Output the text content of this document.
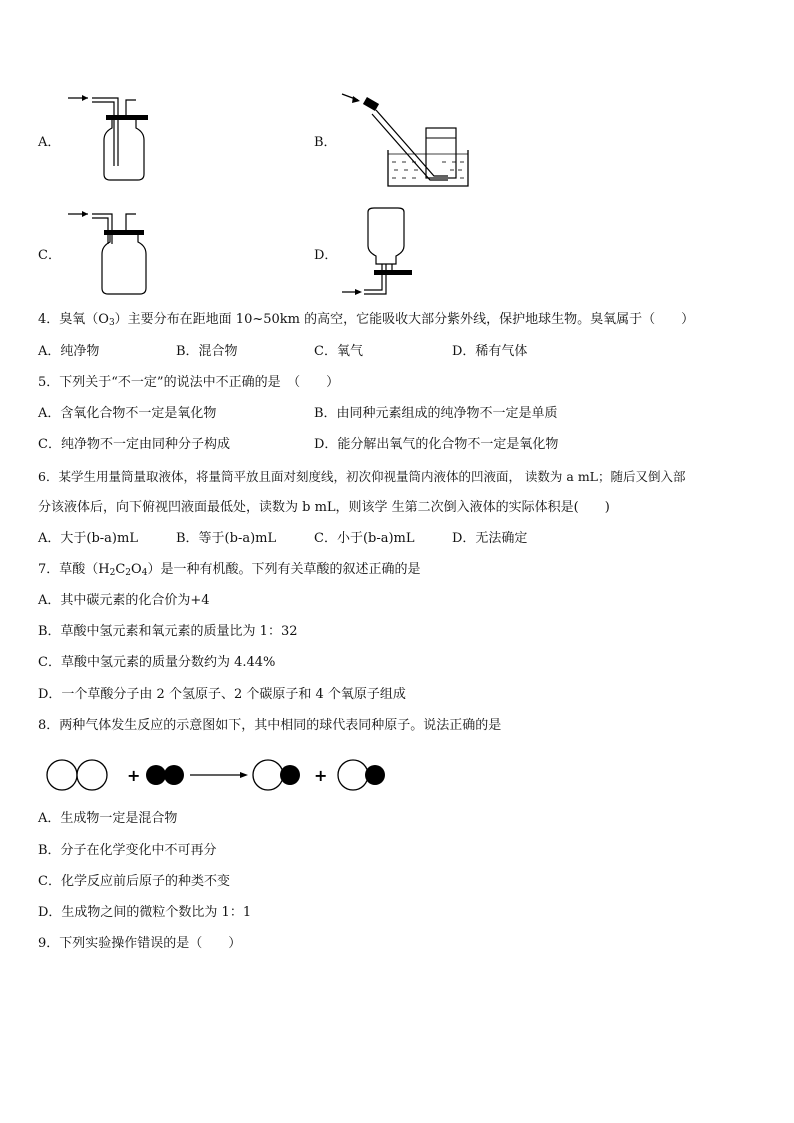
A．	B．
C．	D．
4．臭氧$(O_3)$主要分布在距地面 10~50km 的高空，它能吸收大部分紫外线，保护地球生物。臭氧属于（　　）
A．纯净物	B．混合物	C．氧气	D．稀有气体
5．下列关于“不一定”的说法中不正确的是　（　　）
A．含氧化合物不一定是氧化物	B．由同种元素组成的纯净物不一定是单质
C．纯净物不一定由同种分子构成	D．能分解出氧气的化合物不一定是氧化物
6．某学生用量筒量取液体，将量筒平放且面对刻度线，初次仰视量筒内液体的凹液面， 读数为 a mL；随后又倒入部
分该液体后，向下俯视凹液面最低处，读数为 b mL，则该学 生第二次倒入液体的实际体积是(　　)
A．大于(b-a)mL	B．等于(b-a)mL	C．小于(b-a)mL	D．无法确定
7．草酸$(H_2C_2O_4)$是一种有机酸。下列有关草酸的叙述正确的是
A．其中碳元素的化合价为+4
B．草酸中氢元素和氧元素的质量比为 1：32
C．草酸中氢元素的质量分数约为 4.44%
D．一个草酸分子由 2 个氢原子、2 个碳原子和 4 个氧原子组成
8．两种气体发生反应的示意图如下，其中相同的球代表同种原子。说法正确的是
+	+
A．生成物一定是混合物
B．分子在化学变化中不可再分
C．化学反应前后原子的种类不变
D．生成物之间的微粒个数比为 1：1
9．下列实验操作错误的是（　　）
